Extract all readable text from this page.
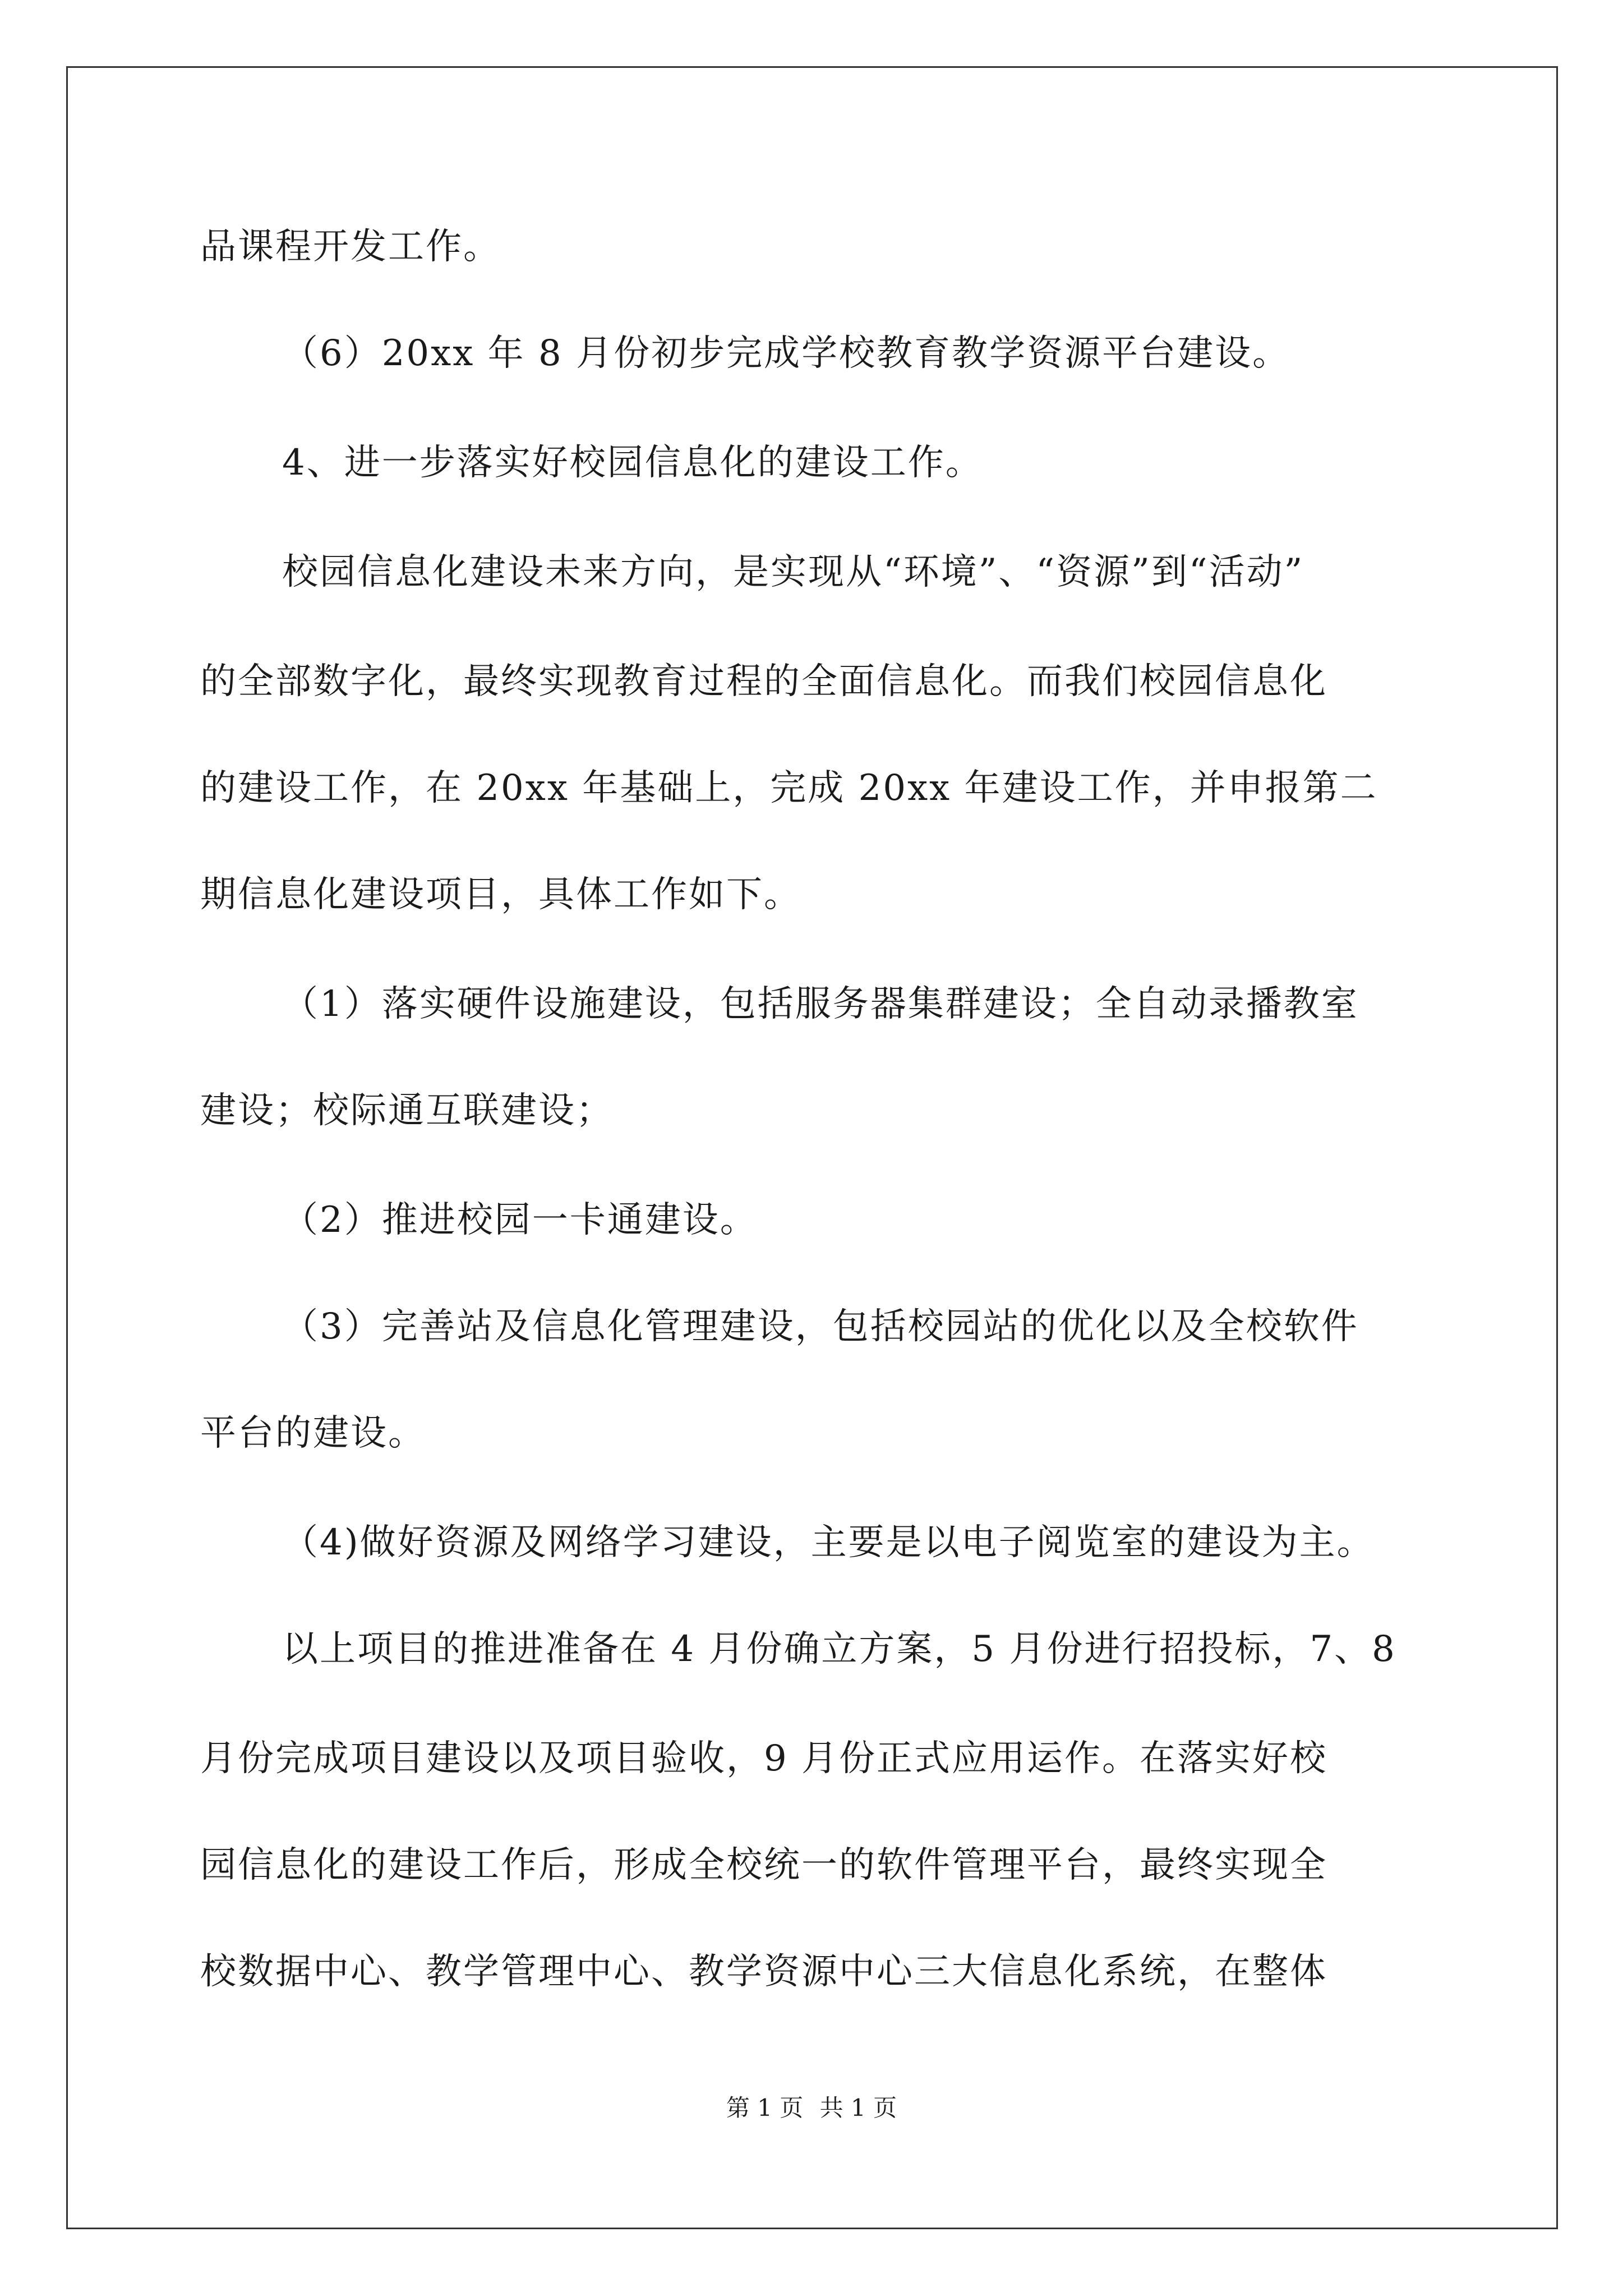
品课程开发工作。
（6）20xx 年 8 月份初步完成学校教育教学资源平台建设。
4、进一步落实好校园信息化的建设工作。
校园信息化建设未来方向，是实现从“环境”、“资源”到“活动”
的全部数字化，最终实现教育过程的全面信息化。而我们校园信息化
的建设工作，在 20xx 年基础上，完成 20xx 年建设工作，并申报第二
期信息化建设项目，具体工作如下。
（1）落实硬件设施建设，包括服务器集群建设；全自动录播教室
建设；校际通互联建设；
（2）推进校园一卡通建设。
（3）完善站及信息化管理建设，包括校园站的优化以及全校软件
平台的建设。
（4)做好资源及网络学习建设，主要是以电子阅览室的建设为主。
以上项目的推进准备在 4 月份确立方案，5 月份进行招投标，7、8
月份完成项目建设以及项目验收，9 月份正式应用运作。在落实好校
园信息化的建设工作后，形成全校统一的软件管理平台，最终实现全
校数据中心、教学管理中心、教学资源中心三大信息化系统，在整体
第 1 页 共 1 页
